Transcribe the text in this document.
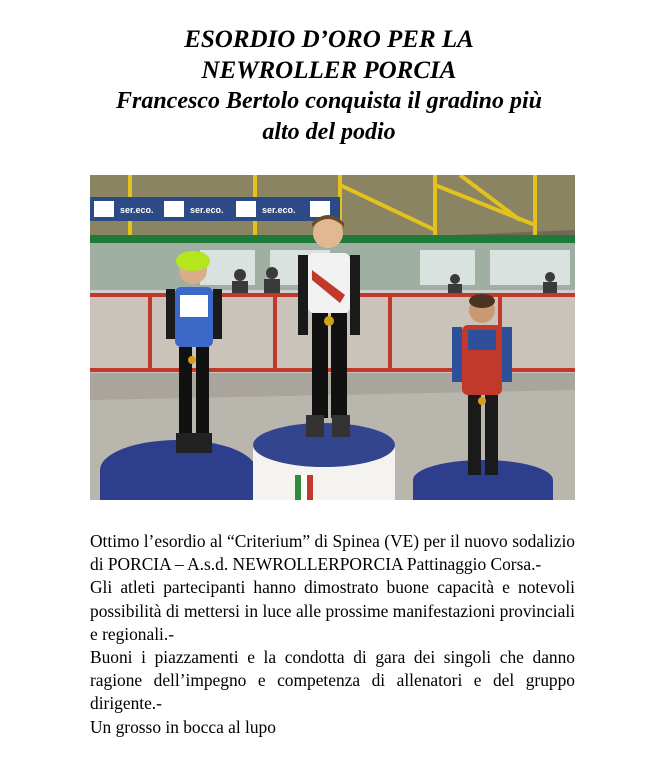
ESORDIO D’ORO PER LA
NEWROLLER PORCIA
Francesco Bertolo conquista il gradino più
alto del podio
ser.eco.	ser.eco.	ser.eco.

Ottimo l’esordio al “Criterium” di Spinea (VE) per il nuovo sodalizio di PORCIA – A.s.d. NEWROLLERPORCIA Pattinaggio Corsa.-

Gli atleti partecipanti hanno dimostrato buone capacità e notevoli possibilità di mettersi in luce alle prossime manifestazioni provinciali e regionali.-

Buoni i piazzamenti e la condotta di gara dei singoli che danno ragione dell’impegno e competenza di allenatori e del gruppo dirigente.-

Un grosso in bocca al lupo
